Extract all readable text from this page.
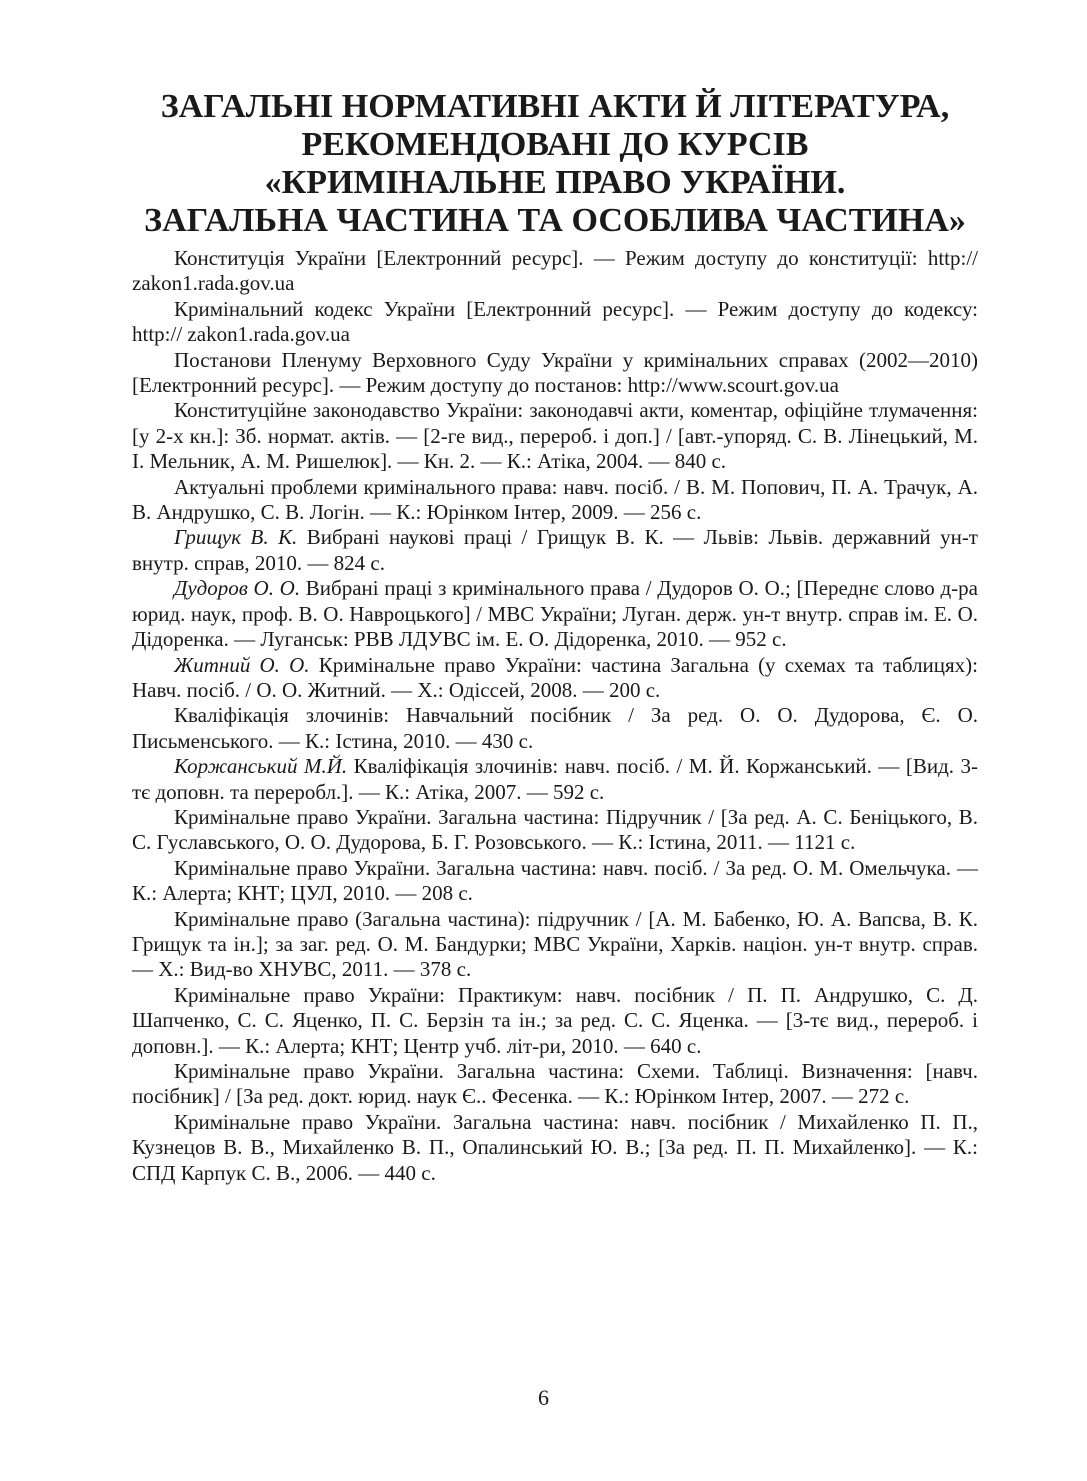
ЗАГАЛЬНІ НОРМАТИВНІ АКТИ Й ЛІТЕРАТУРА,
РЕКОМЕНДОВАНІ ДО КУРСІВ
«КРИМІНАЛЬНЕ ПРАВО УКРАЇНИ.
ЗАГАЛЬНА ЧАСТИНА ТА ОСОБЛИВА ЧАСТИНА»

Конституція України [Електронний ресурс]. — Режим доступу до конституції: http:// zakon1.rada.gov.ua

Кримінальний кодекс України [Електронний ресурс]. — Режим доступу до кодексу: http:// zakon1.rada.gov.ua

Постанови Пленуму Верховного Суду України у кримінальних справах (2002—2010) [Електронний ресурс]. — Режим доступу до постанов: http://www.scourt.gov.ua

Конституційне законодавство України: законодавчі акти, коментар, офіційне тлумачення: [у 2-х кн.]: Зб. нормат. актів. — [2-ге вид., перероб. і доп.] / [авт.-упоряд. С. В. Лінецький, М. І. Мельник, А. М. Ришелюк]. — Кн. 2. — К.: Атіка, 2004. — 840 с.

Актуальні проблеми кримінального права: навч. посіб. / В. М. Попович, П. А. Трачук, А. В. Андрушко, С. В. Логін. — К.: Юрінком Інтер, 2009. — 256 с.

Грищук В. К. Вибрані наукові праці / Грищук В. К. — Львів: Львів. державний ун-т внутр. справ, 2010. — 824 с.

Дудоров О. О. Вибрані праці з кримінального права / Дудоров О. О.; [Переднє слово д-ра юрид. наук, проф. В. О. Навроцького] / МВС України; Луган. держ. ун-т внутр. справ ім. Е. О. Дідоренка. — Луганськ: РВВ ЛДУВС ім. Е. О. Дідоренка, 2010. — 952 с.

Житний О. О. Кримінальне право України: частина Загальна (у схемах та таблицях): Навч. посіб. / О. О. Житний. — Х.: Одіссей, 2008. — 200 с.

Кваліфікація злочинів: Навчальний посібник / За ред. О. О. Дудорова, Є. О. Письменського. — К.: Істина, 2010. — 430 с.

Коржанський М.Й. Кваліфікація злочинів: навч. посіб. / М. Й. Коржанський. — [Вид. 3-тє доповн. та переробл.]. — К.: Атіка, 2007. — 592 с.

Кримінальне право України. Загальна частина: Підручник / [За ред. А. С. Беніцького, В. С. Гуславського, О. О. Дудорова, Б. Г. Розовського. — К.: Істина, 2011. — 1121 с.

Кримінальне право України. Загальна частина: навч. посіб. / За ред. О. М. Омельчука. — К.: Алерта; КНТ; ЦУЛ, 2010. — 208 с.

Кримінальне право (Загальна частина): підручник / [А. М. Бабенко, Ю. А. Вапсва, В. К. Грищук та ін.]; за заг. ред. О. М. Бандурки; МВС України, Харків. націон. ун-т внутр. справ. — Х.: Вид-во ХНУВС, 2011. — 378 с.

Кримінальне право України: Практикум: навч. посібник / П. П. Андрушко, С. Д. Шапченко, С. С. Яценко, П. С. Берзін та ін.; за ред. С. С. Яценка. — [3-тє вид., перероб. і доповн.]. — К.: Алерта; КНТ; Центр учб. літ-ри, 2010. — 640 с.

Кримінальне право України. Загальна частина: Схеми. Таблиці. Визначення: [навч. посібник] / [За ред. докт. юрид. наук Є.. Фесенка. — К.: Юрінком Інтер, 2007. — 272 с.

Кримінальне право України. Загальна частина: навч. посібник / Михайленко П. П., Кузнецов В. В., Михайленко В. П., Опалинський Ю. В.; [За ред. П. П. Михайленко]. — К.: СПД Карпук С. В., 2006. — 440 с.

6
